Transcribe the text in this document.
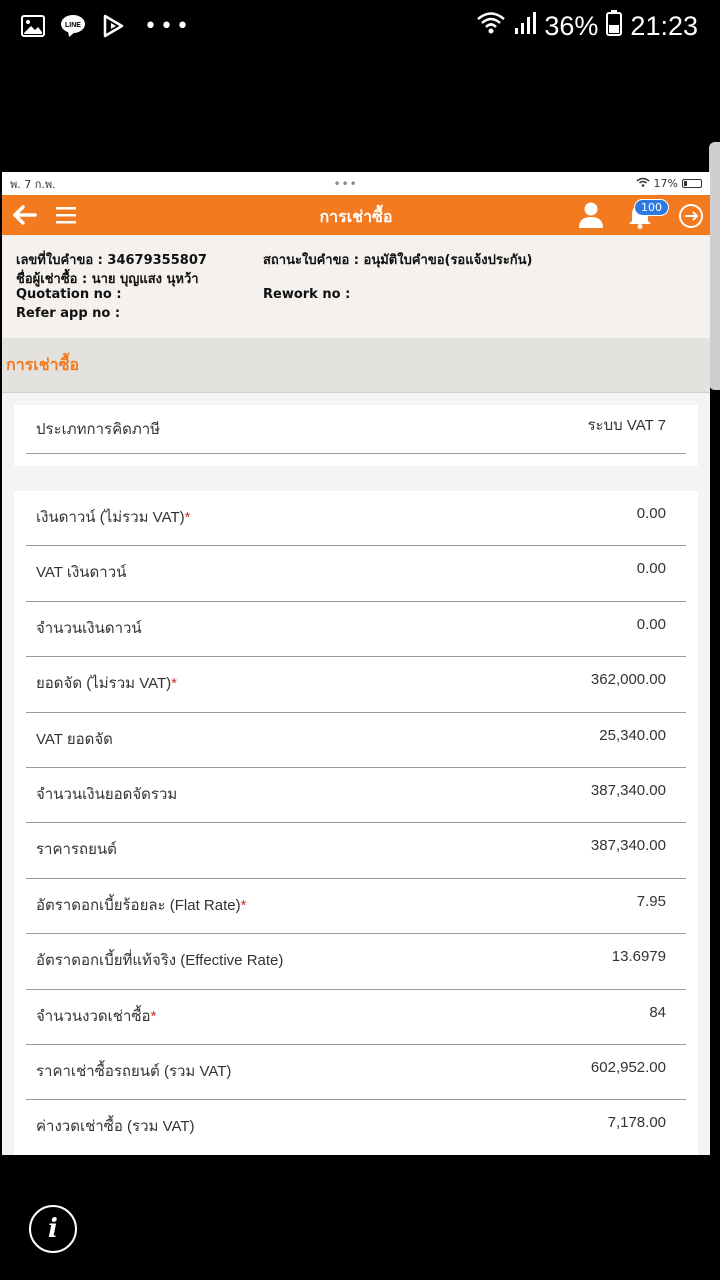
LINE	•••	36% 21:23
พ. 7 ก.พ.	•••	17%
การเช่าซื้อ	100
เลขที่ใบคำขอ : 34679355807	สถานะใบคำขอ : อนุมัติใบคำขอ(รอแจ้งประกัน)
ชื่อผู้เช่าซื้อ : นาย บุญแสง นุหว้า
Quotation no :	Rework no :
Refer app no :
การเช่าซื้อ
ประเภทการคิดภาษี	ระบบ VAT 7
เงินดาวน์ (ไม่รวม VAT)*	0.00
VAT เงินดาวน์	0.00
จำนวนเงินดาวน์	0.00
ยอดจัด (ไม่รวม VAT)*	362,000.00
VAT ยอดจัด	25,340.00
จำนวนเงินยอดจัดรวม	387,340.00
ราคารถยนต์	387,340.00
อัตราดอกเบี้ยร้อยละ (Flat Rate)*	7.95
อัตราดอกเบี้ยที่แท้จริง (Effective Rate)	13.6979
จำนวนงวดเช่าซื้อ*	84
ราคาเช่าซื้อรถยนต์ (รวม VAT)	602,952.00
ค่างวดเช่าซื้อ (รวม VAT)	7,178.00
i
